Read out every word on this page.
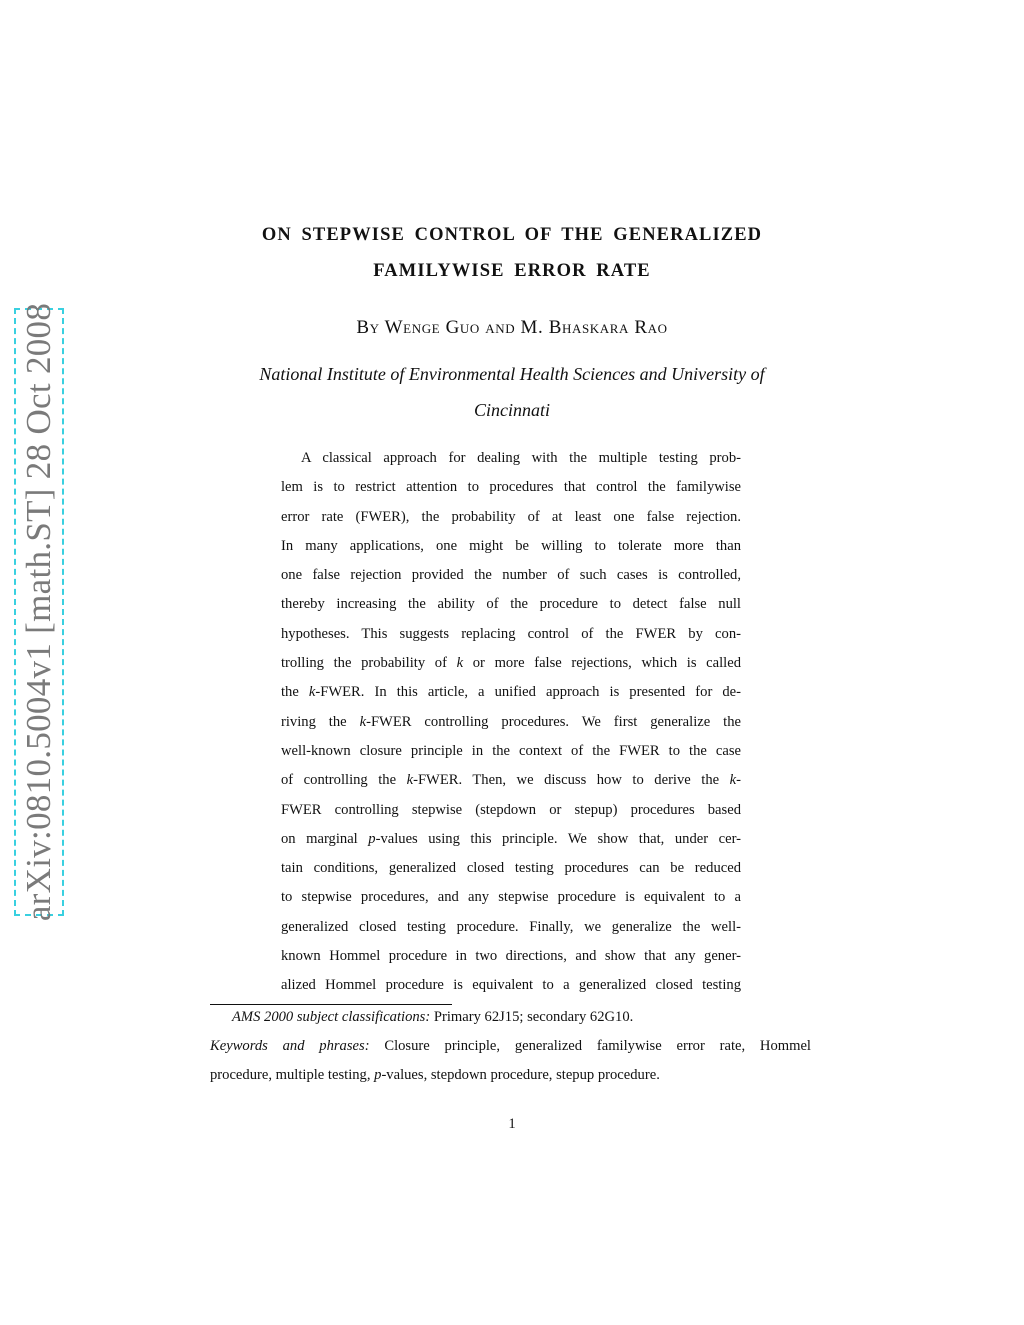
arXiv:0810.5004v1 [math.ST] 28 Oct 2008
ON STEPWISE CONTROL OF THE GENERALIZED
FAMILYWISE ERROR RATE
By Wenge Guo and M. Bhaskara Rao
National Institute of Environmental Health Sciences and University of
Cincinnati
A classical approach for dealing with the multiple testing prob-
lem is to restrict attention to procedures that control the familywise
error rate (FWER), the probability of at least one false rejection.
In many applications, one might be willing to tolerate more than
one false rejection provided the number of such cases is controlled,
thereby increasing the ability of the procedure to detect false null
hypotheses. This suggests replacing control of the FWER by con-
trolling the probability of k or more false rejections, which is called
the k-FWER. In this article, a unified approach is presented for de-
riving the k-FWER controlling procedures. We first generalize the
well-known closure principle in the context of the FWER to the case
of controlling the k-FWER. Then, we discuss how to derive the k-
FWER controlling stepwise (stepdown or stepup) procedures based
on marginal p-values using this principle. We show that, under cer-
tain conditions, generalized closed testing procedures can be reduced
to stepwise procedures, and any stepwise procedure is equivalent to a
generalized closed testing procedure. Finally, we generalize the well-
known Hommel procedure in two directions, and show that any gener-
alized Hommel procedure is equivalent to a generalized closed testing
AMS 2000 subject classifications: Primary 62J15; secondary 62G10.
Keywords and phrases: Closure principle, generalized familywise error rate, Hommel
procedure, multiple testing, p-values, stepdown procedure, stepup procedure.
1
